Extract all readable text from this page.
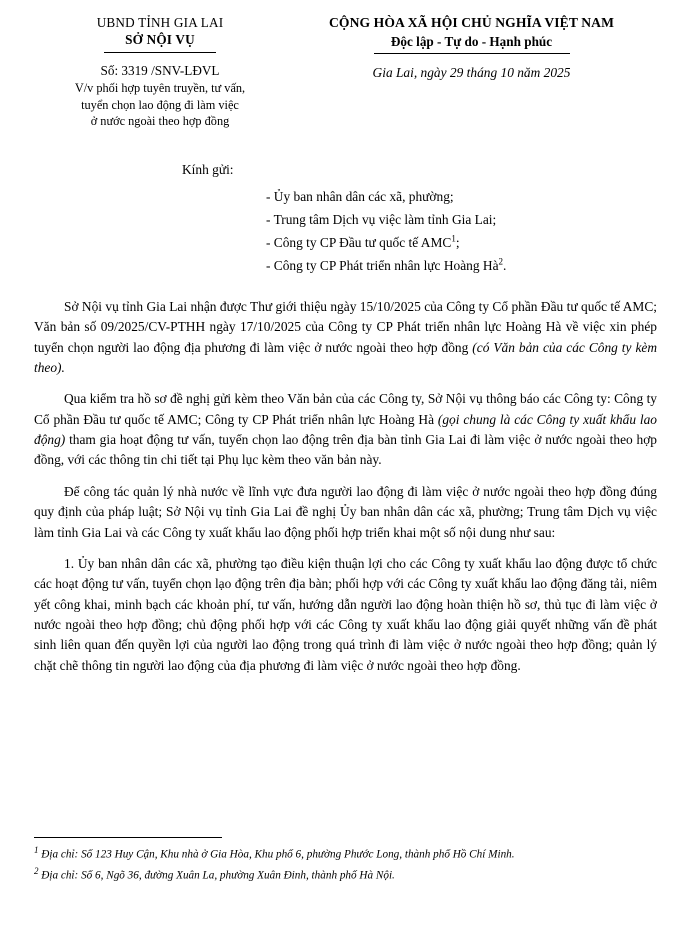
UBND TỈNH GIA LAI
SỞ NỘI VỤ
Số: 3319 /SNV-LĐVL
V/v phối hợp tuyên truyền, tư vấn,
tuyển chọn lao động đi làm việc
ở nước ngoài theo hợp đồng
CỘNG HÒA XÃ HỘI CHỦ NGHĨA VIỆT NAM
Độc lập - Tự do - Hạnh phúc
Gia Lai, ngày 29 tháng 10 năm 2025
Kính gửi:
- Ủy ban nhân dân các xã, phường;
- Trung tâm Dịch vụ việc làm tỉnh Gia Lai;
- Công ty CP Đầu tư quốc tế AMC$^1$;
- Công ty CP Phát triển nhân lực Hoàng $Hà^2$.

Sở Nội vụ tỉnh Gia Lai nhận được Thư giới thiệu ngày 15/10/2025 của Công ty Cổ phần Đầu tư quốc tế AMC; Văn bản số 09/2025/CV-PTHH ngày 17/10/2025 của Công ty CP Phát triển nhân lực Hoàng Hà về việc xin phép tuyển chọn người lao động địa phương đi làm việc ở nước ngoài theo hợp đồng (có Văn bản của các Công ty kèm theo).

Qua kiểm tra hồ sơ đề nghị gửi kèm theo Văn bản của các Công ty, Sở Nội vụ thông báo các Công ty: Công ty Cổ phần Đầu tư quốc tế AMC; Công ty CP Phát triển nhân lực Hoàng Hà (gọi chung là các Công ty xuất khẩu lao động) tham gia hoạt động tư vấn, tuyển chọn lao động trên địa bàn tỉnh Gia Lai đi làm việc ở nước ngoài theo hợp đồng, với các thông tin chi tiết tại Phụ lục kèm theo văn bản này.

Để công tác quản lý nhà nước về lĩnh vực đưa người lao động đi làm việc ở nước ngoài theo hợp đồng đúng quy định của pháp luật; Sở Nội vụ tỉnh Gia Lai đề nghị Ủy ban nhân dân các xã, phường; Trung tâm Dịch vụ việc làm tỉnh Gia Lai và các Công ty xuất khẩu lao động phối hợp triển khai một số nội dung như sau:

1. Ủy ban nhân dân các xã, phường tạo điều kiện thuận lợi cho các Công ty xuất khẩu lao động được tổ chức các hoạt động tư vấn, tuyển chọn lạo động trên địa bàn; phối hợp với các Công ty xuất khẩu lao động đăng tải, niêm yết công khai, minh bạch các khoản phí, tư vấn, hướng dẫn người lao động hoàn thiện hồ sơ, thủ tục đi làm việc ở nước ngoài theo hợp đồng; chủ động phối hợp với các Công ty xuất khẩu lao động giải quyết những vấn đề phát sinh liên quan đến quyền lợi của người lao động trong quá trình đi làm việc ở nước ngoài theo hợp đồng; quản lý chặt chẽ thông tin người lao động của địa phương đi làm việc ở nước ngoài theo hợp đồng.

$^1$ Địa chỉ: Số 123 Huy Cận, Khu nhà ở Gia Hòa, Khu phố 6, phường Phước Long, thành phố Hồ Chí Minh.
$^2$ Địa chỉ: Số 6, Ngõ 36, đường Xuân La, phường Xuân Đinh, thành phố Hà Nội.
